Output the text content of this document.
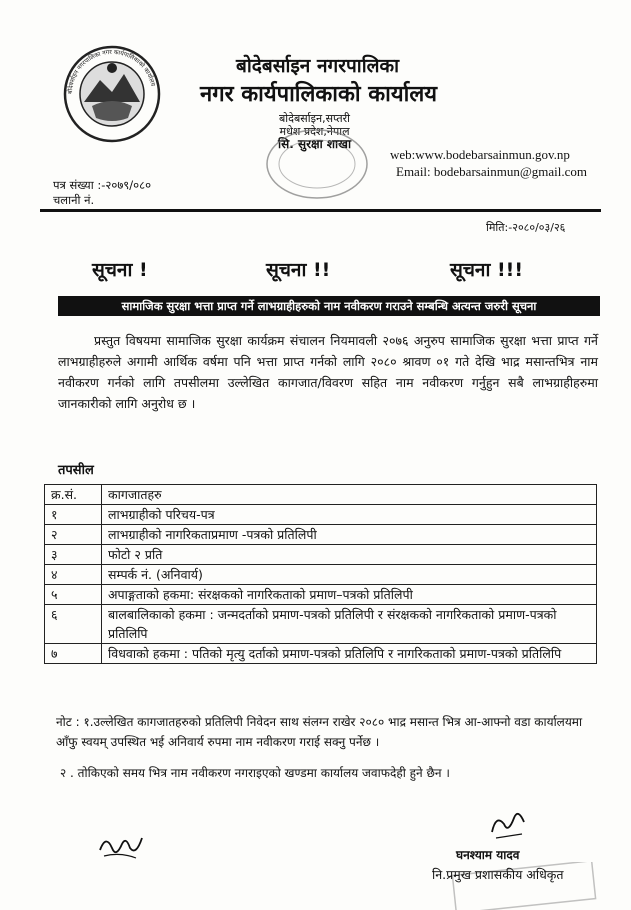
बोदेबर्साइन नगरपालिका नगर कार्यपालिकाको कार्यालय
बोदेबर्साइन नगरपालिका
नगर कार्यपालिकाको कार्यालय
बोदेबर्साइन,सप्तरी
मधेश प्रदेश,नेपाल
सि. सुरक्षा शाखा
web:www.bodebarsainmun.gov.np
Email: bodebarsainmun@gmail.com
पत्र संख्या :-२०७९/०८०
चलानी नं.
मिति:-२०८०/०३/२६
सूचना !	सूचना !!	सूचना !!!
सामाजिक सुरक्षा भत्ता प्राप्त गर्ने लाभग्राहीहरुको नाम नवीकरण गराउने सम्बन्धि अत्यन्त जरुरी सूचना
प्रस्तुत विषयमा सामाजिक सुरक्षा कार्यक्रम संचालन नियमावली २०७६ अनुरुप सामाजिक सुरक्षा भत्ता प्राप्त गर्ने लाभग्राहीहरुले अगामी आर्थिक वर्षमा पनि भत्ता प्राप्त गर्नको लागि २०८० श्रावण ०१ गते देखि भाद्र मसान्तभित्र नाम नवीकरण गर्नको लागि तपसीलमा उल्लेखित कागजात/विवरण सहित नाम नवीकरण गर्नुहुन सबै लाभग्राहीहरुमा जानकारीको लागि अनुरोध छ ।
तपसील
क्र.सं.	कागजातहरु
१	लाभग्राहीको परिचय-पत्र
२	लाभग्राहीको नागरिकताप्रमाण -पत्रको प्रतिलिपी
३	फोटो २ प्रति
४	सम्पर्क नं. (अनिवार्य)
५	अपाङ्गताको हकमा: संरक्षकको नागरिकताको प्रमाण–पत्रको प्रतिलिपी
६	बालबालिकाको हकमा : जन्मदर्ताको प्रमाण-पत्रको प्रतिलिपी र संरक्षकको नागरिकताको प्रमाण-पत्रको प्रतिलिपि
७	विधवाको हकमा : पतिको मृत्यु दर्ताको प्रमाण-पत्रको प्रतिलिपि र नागरिकताको प्रमाण-पत्रको प्रतिलिपि
नोट : १.उल्लेखित कागजातहरुको प्रतिलिपी निवेदन साथ संलग्न राखेर २०८० भाद्र मसान्त भित्र आ-आफ्नो वडा कार्यालयमा आँफु स्वयम् उपस्थित भई अनिवार्य रुपमा नाम नवीकरण गराई सक्नु पर्नेछ ।
२ . तोकिएको समय भित्र नाम नवीकरण नगराइएको खण्डमा कार्यालय जवाफदेही हुने छैन ।
घनश्याम यादव
नि.प्रमुख प्रशासकीय अधिकृत
